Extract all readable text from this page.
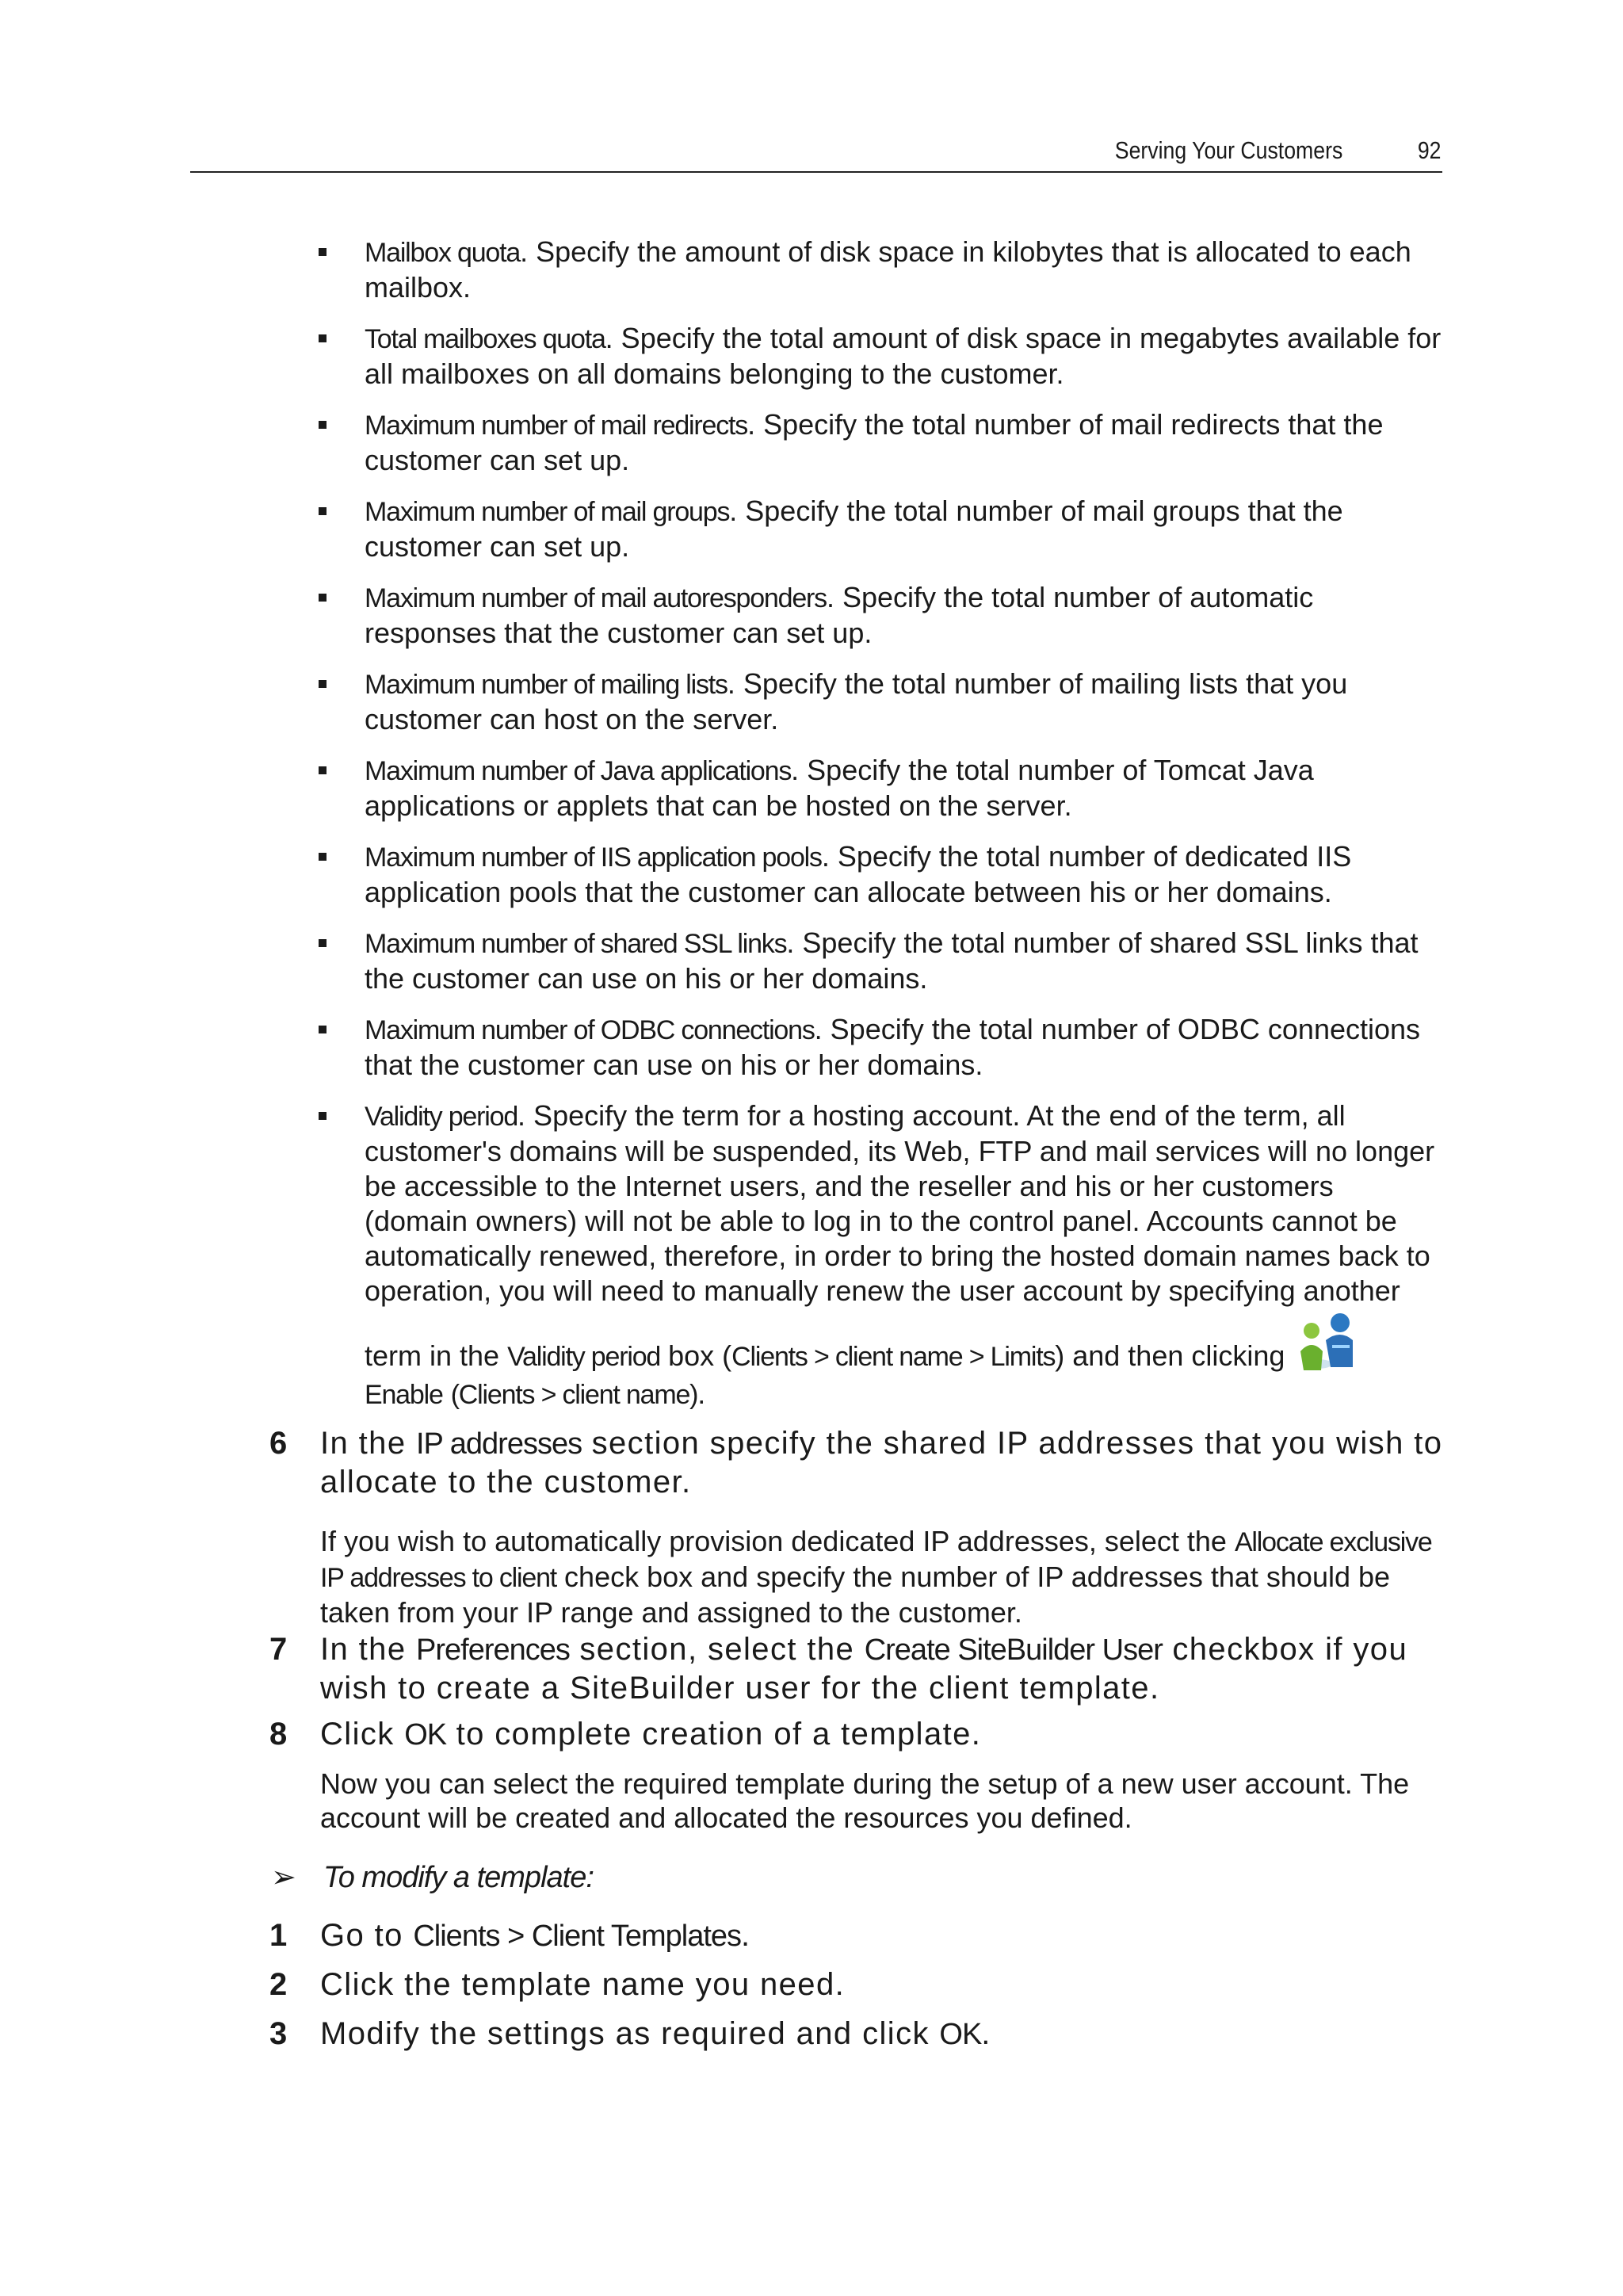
Serving Your Customers	92
Mailbox quota. Specify the amount of disk space in kilobytes that is allocated to each mailbox.
Total mailboxes quota. Specify the total amount of disk space in megabytes available for all mailboxes on all domains belonging to the customer.
Maximum number of mail redirects. Specify the total number of mail redirects that the customer can set up.
Maximum number of mail groups. Specify the total number of mail groups that the customer can set up.
Maximum number of mail autoresponders. Specify the total number of automatic responses that the customer can set up.
Maximum number of mailing lists. Specify the total number of mailing lists that you customer can host on the server.
Maximum number of Java applications. Specify the total number of Tomcat Java applications or applets that can be hosted on the server.
Maximum number of IIS application pools. Specify the total number of dedicated IIS application pools that the customer can allocate between his or her domains.
Maximum number of shared SSL links. Specify the total number of shared SSL links that the customer can use on his or her domains.
Maximum number of ODBC connections. Specify the total number of ODBC connections that the customer can use on his or her domains.
Validity period. Specify the term for a hosting account. At the end of the term, all customer's domains will be suspended, its Web, FTP and mail services will no longer be accessible to the Internet users, and the reseller and his or her customers (domain owners) will not be able to log in to the control panel. Accounts cannot be automatically renewed, therefore, in order to bring the hosted domain names back to operation, you will need to manually renew the user account by specifying another term in the Validity period box (Clients > client name > Limits) and then clickingEnable (Clients > client name).
6 In the IP addresses section specify the shared IP addresses that you wish to allocate to the customer.
If you wish to automatically provision dedicated IP addresses, select the Allocate exclusive IP addresses to client check box and specify the number of IP addresses that should be taken from your IP range and assigned to the customer.
7 In the Preferences section, select the Create SiteBuilder User checkbox if you wish to create a SiteBuilder user for the client template.
8 Click OK to complete creation of a template.
Now you can select the required template during the setup of a new user account. The account will be created and allocated the resources you defined.
➢ To modify a template:
1 Go to Clients > Client Templates.
2 Click the template name you need.
3 Modify the settings as required and click OK.
